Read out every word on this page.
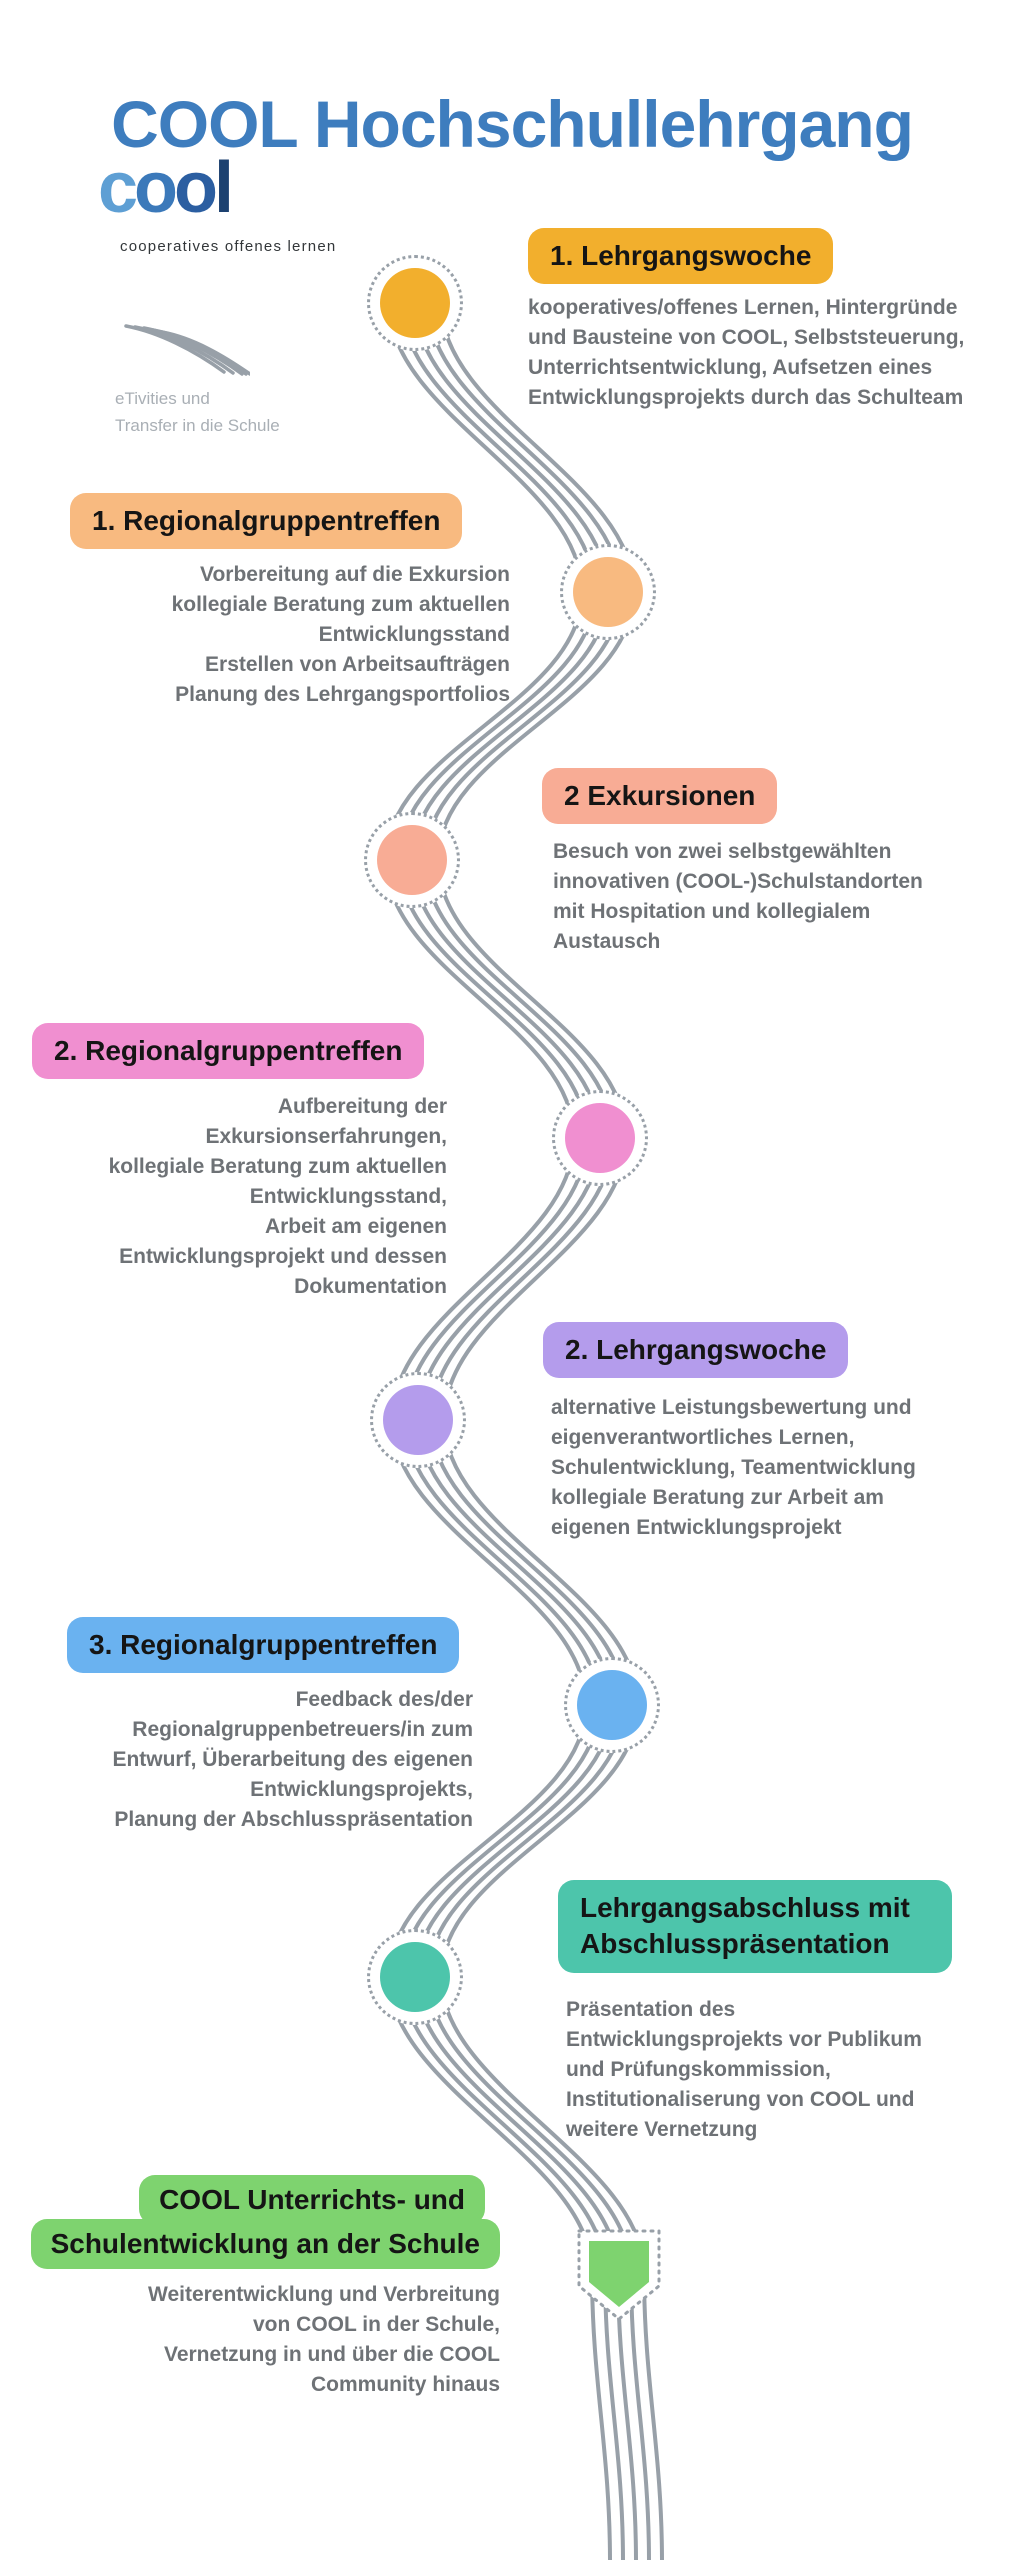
COOL Hochschullehrgang
cool
cooperatives offenes lernen
eTivities und
Transfer in die Schule
1. Lehrgangswoche

kooperatives/offenes Lernen, Hintergründe
und Bausteine von COOL, Selbststeuerung,
Unterrichtsentwicklung, Aufsetzen eines
Entwicklungsprojekts durch das Schulteam

1. Regionalgruppentreffen

Vorbereitung auf die Exkursion
kollegiale Beratung zum aktuellen
Entwicklungsstand
Erstellen von Arbeitsaufträgen
Planung des Lehrgangsportfolios

2 Exkursionen

Besuch von zwei selbstgewählten
innovativen (COOL-)Schulstandorten
mit Hospitation und kollegialem
Austausch

2. Regionalgruppentreffen

Aufbereitung der
Exkursionserfahrungen,
kollegiale Beratung zum aktuellen
Entwicklungsstand,
Arbeit am eigenen
Entwicklungsprojekt und dessen
Dokumentation

2. Lehrgangswoche

alternative Leistungsbewertung und
eigenverantwortliches Lernen,
Schulentwicklung, Teamentwicklung
kollegiale Beratung zur Arbeit am
eigenen Entwicklungsprojekt

3. Regionalgruppentreffen

Feedback des/der
Regionalgruppenbetreuers/in zum
Entwurf, Überarbeitung des eigenen
Entwicklungsprojekts,
Planung der Abschlusspräsentation

Lehrgangsabschluss mit Abschlusspräsentation

Präsentation des
Entwicklungsprojekts vor Publikum
und Prüfungskommission,
Institutionaliserung von COOL und
weitere Vernetzung

COOL Unterrichts- und
Schulentwicklung an der Schule

Weiterentwicklung und Verbreitung
von COOL in der Schule,
Vernetzung in und über die COOL
Community hinaus
